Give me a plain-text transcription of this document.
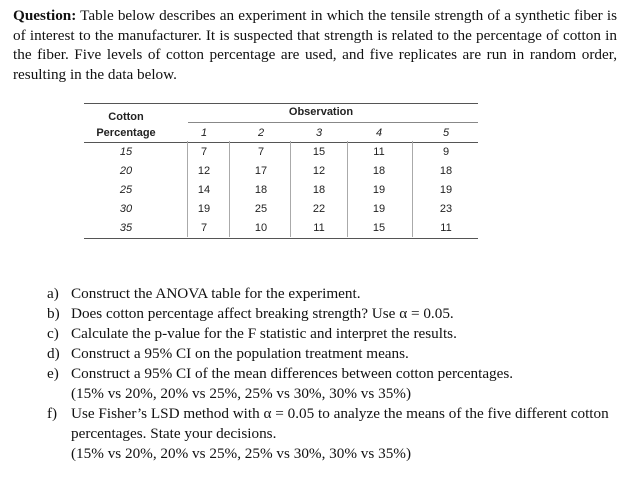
Question: Table below describes an experiment in which the tensile strength of a synthetic fiber is of interest to the manufacturer. It is suspected that strength is related to the percentage of cotton in the fiber. Five levels of cotton percentage are used, and five replicates are run in random order, resulting in the data below.
Cotton
Percentage
Observation
1	2	3	4	5
15	7	7	15	11	9
20	12	17	12	18	18
25	14	18	18	19	19
30	19	25	22	19	23
35	7	10	11	15	11
a) Construct the ANOVA table for the experiment.
b) Does cotton percentage affect breaking strength? Use α = 0.05.
c) Calculate the p-value for the F statistic and interpret the results.
d) Construct a 95% CI on the population treatment means.
e) Construct a 95% CI of the mean differences between cotton percentages.
(15% vs 20%, 20% vs 25%, 25% vs 30%, 30% vs 35%)
f) Use Fisher’s LSD method with α = 0.05 to analyze the means of the five different cotton percentages. State your decisions.
(15% vs 20%, 20% vs 25%, 25% vs 30%, 30% vs 35%)
